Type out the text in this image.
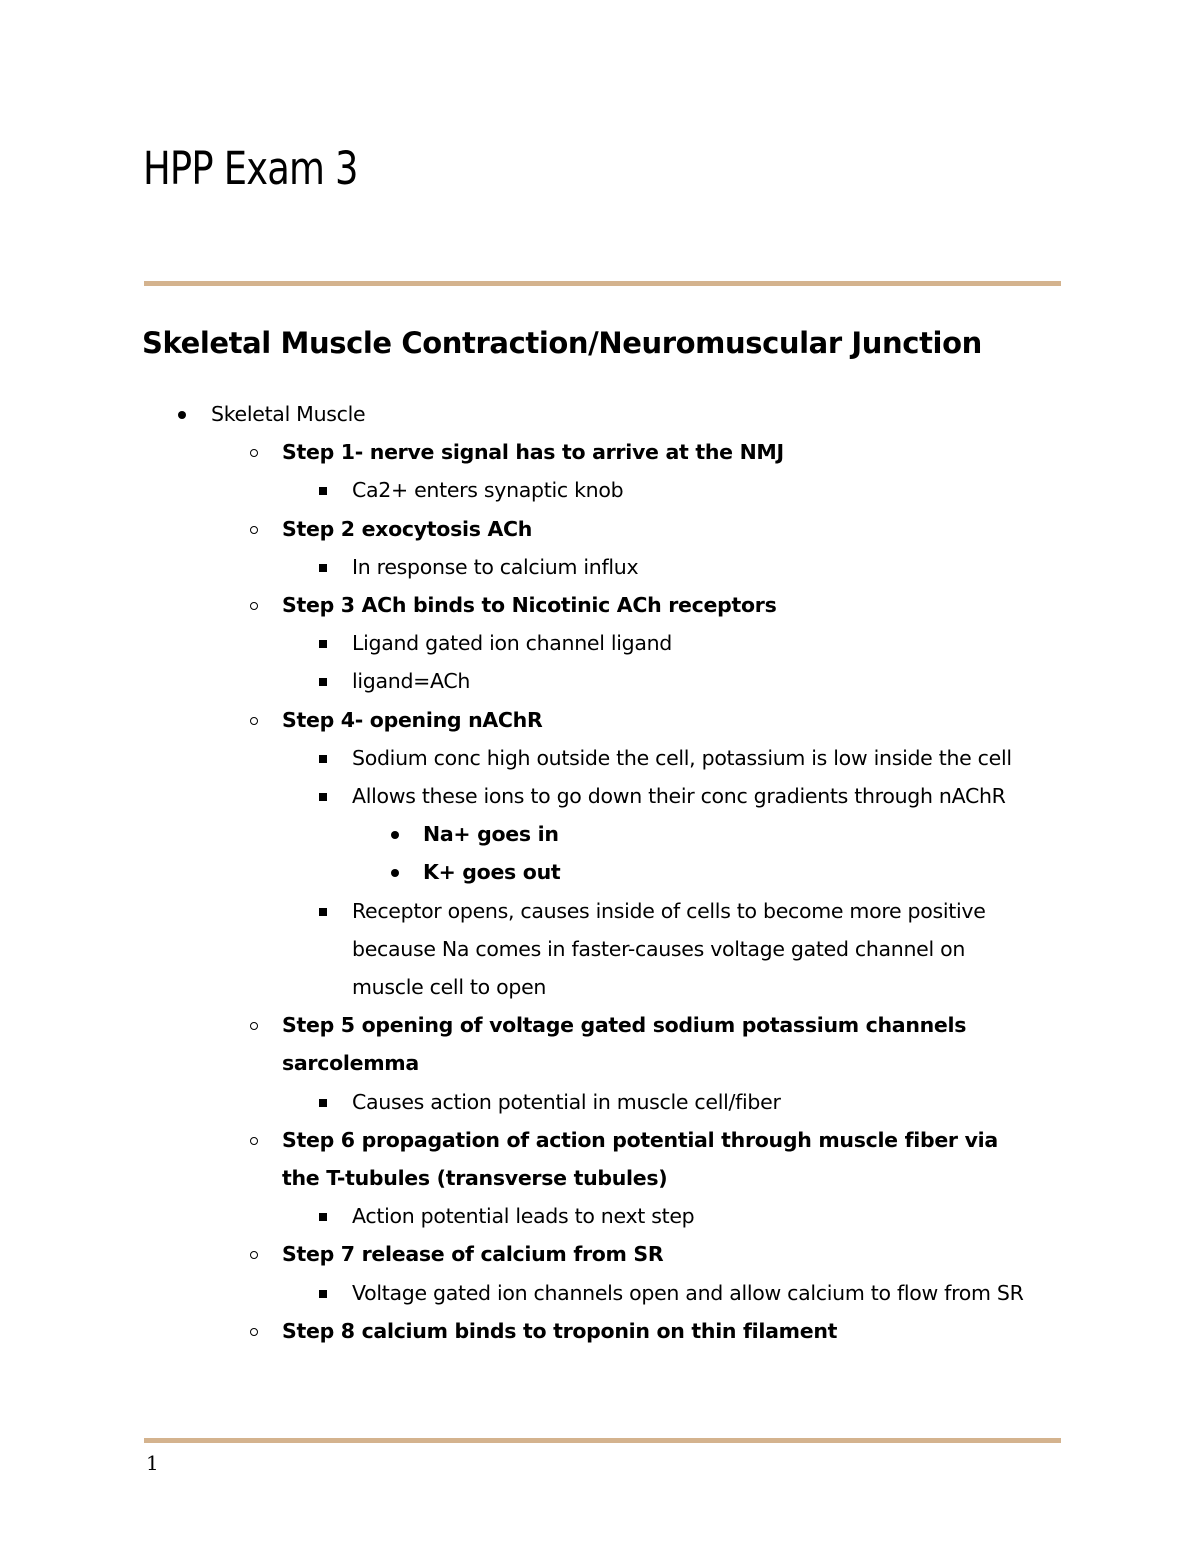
HPP Exam 3
Skeletal Muscle Contraction/Neuromuscular Junction
Skeletal Muscle
Step 1- nerve signal has to arrive at the NMJ
Ca2+ enters synaptic knob
Step 2 exocytosis ACh
In response to calcium influx
Step 3 ACh binds to Nicotinic ACh receptors
Ligand gated ion channel ligand
ligand=ACh
Step 4- opening nAChR
Sodium conc high outside the cell, potassium is low inside the cell
Allows these ions to go down their conc gradients through nAChR
Na+ goes in
K+ goes out
Receptor opens, causes inside of cells to become more positive because Na comes in faster-causes voltage gated channel on muscle cell to open
Step 5 opening of voltage gated sodium potassium channels sarcolemma
Causes action potential in muscle cell/fiber
Step 6 propagation of action potential through muscle fiber via the T-tubules (transverse tubules)
Action potential leads to next step
Step 7 release of calcium from SR
Voltage gated ion channels open and allow calcium to flow from SR
Step 8 calcium binds to troponin on thin filament
1
